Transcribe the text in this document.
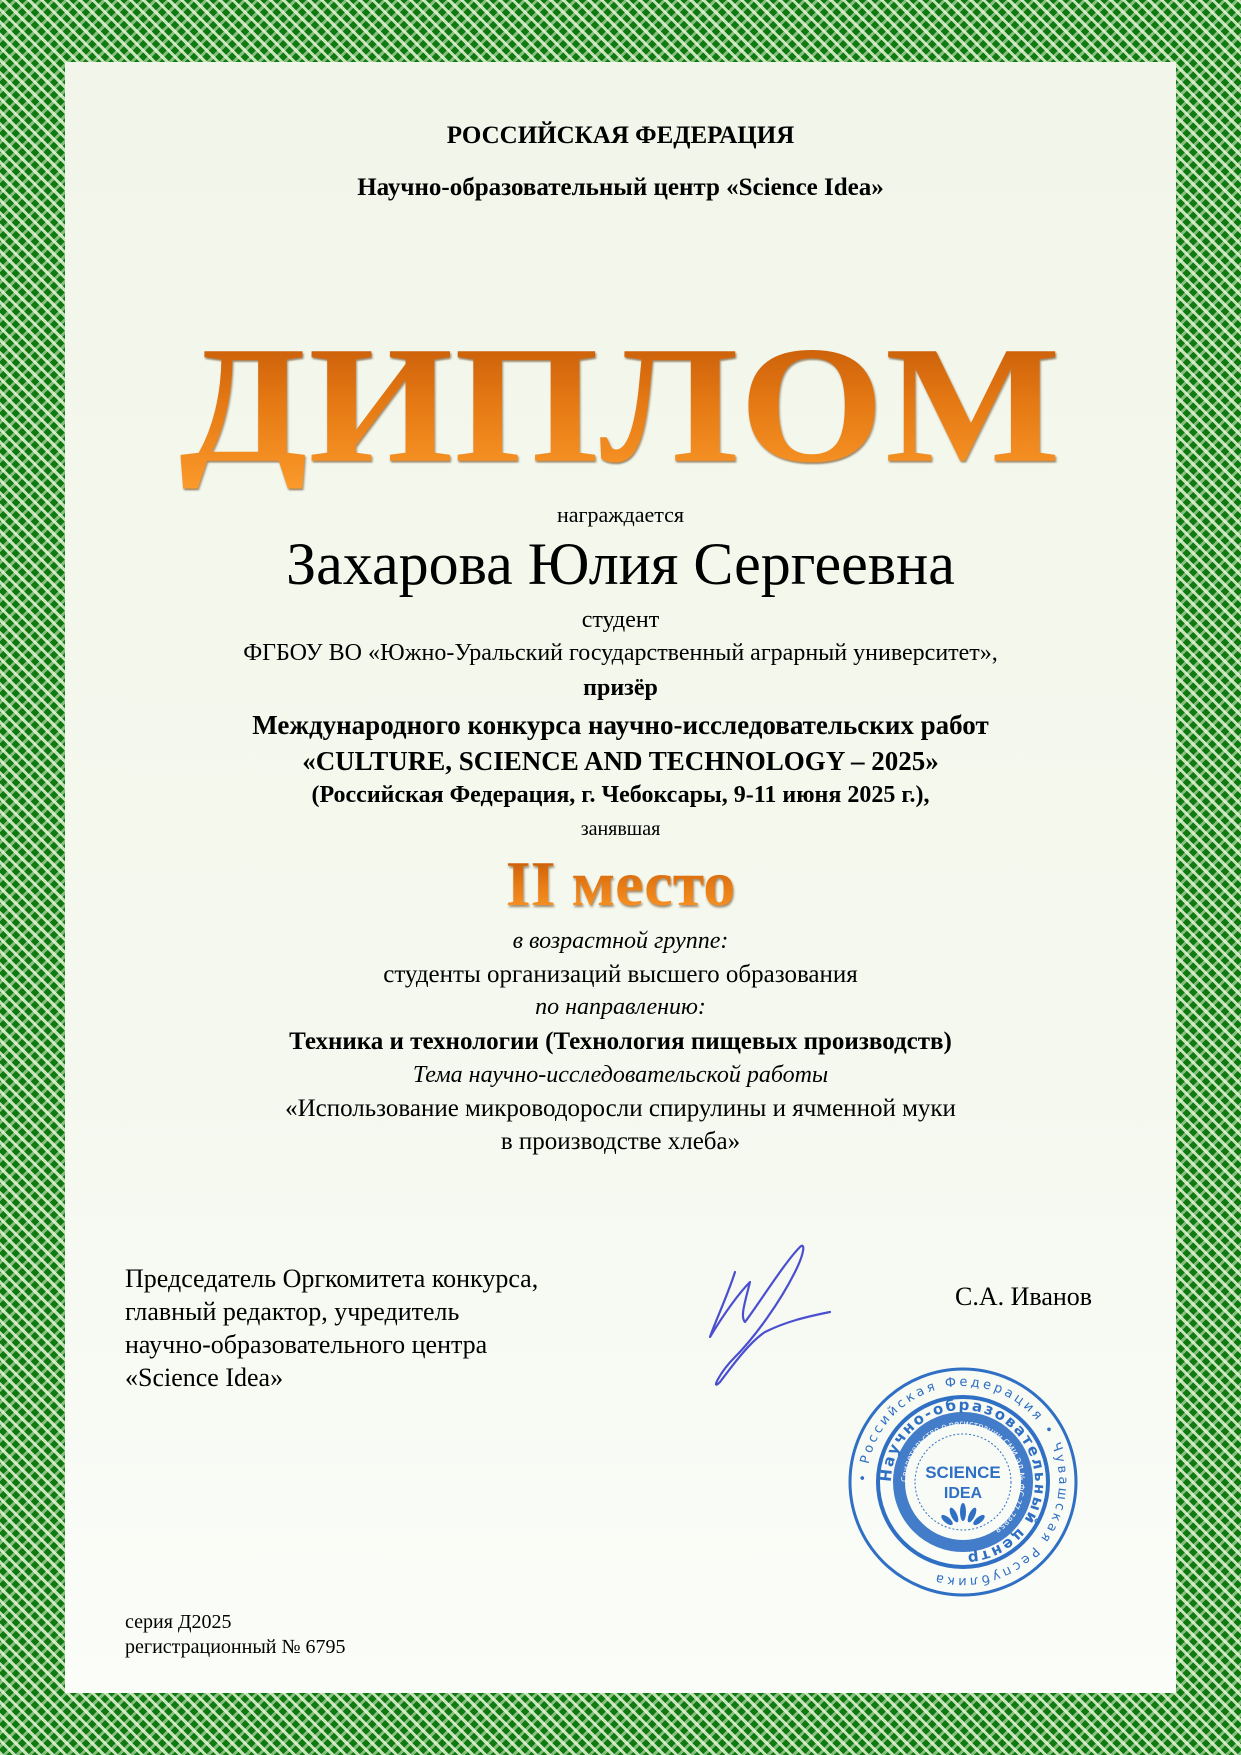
РОССИЙСКАЯ ФЕДЕРАЦИЯ
Научно-образовательный центр «Science Idea»
ДИПЛОМ
награждается
Захарова Юлия Сергеевна
студент
ФГБОУ ВО «Южно-Уральский государственный аграрный университет»,
призёр
Международного конкурса научно-исследовательских работ
«CULTURE, SCIENCE AND TECHNOLOGY – 2025»
(Российская Федерация, г. Чебоксары, 9-11 июня 2025 г.),
занявшая
II место
в возрастной группе:
студенты организаций высшего образования
по направлению:
Техника и технологии (Технология пищевых производств)
Тема научно-исследовательской работы
«Использование микроводоросли спирулины и ячменной муки
в производстве хлеба»
Председатель Оргкомитета конкурса,
главный редактор, учредитель
научно-образовательного центра
«Science Idea»
С.А. Иванов
• Российская Федерация • Чувашская Республика
Научно-образовательный центр
Свидетельство о регистрации СМИ ЭЛ № ФС 77-78858
SCIENCE
IDEA
серия Д2025
регистрационный № 6795
